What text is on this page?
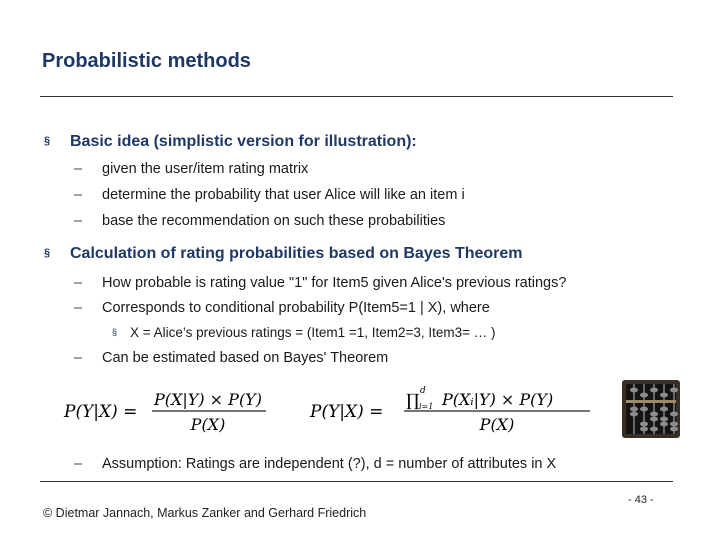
Probabilistic methods
§ Basic idea (simplistic version for illustration):
– given the user/item rating matrix
– determine the probability that user Alice will like an item i
– base the recommendation on such these probabilities
§ Calculation of rating probabilities based on Bayes Theorem
– How probable is rating value "1" for Item5 given Alice's previous ratings?
– Corresponds to conditional probability P(Item5=1 | X), where
§ X = Alice’s previous ratings = (Item1 =1, Item2=3, Item3= … )
– Can be estimated based on Bayes' Theorem
P(Y|X) =
P(X|Y) × P(Y)
P(X)
P(Y|X) =
∏ d
i=1 P(Xᵢ|Y) × P(Y)
P(X)
– Assumption: Ratings are independent (?), d = number of attributes in X
© Dietmar Jannach, Markus Zanker and Gerhard Friedrich
- 43 -
